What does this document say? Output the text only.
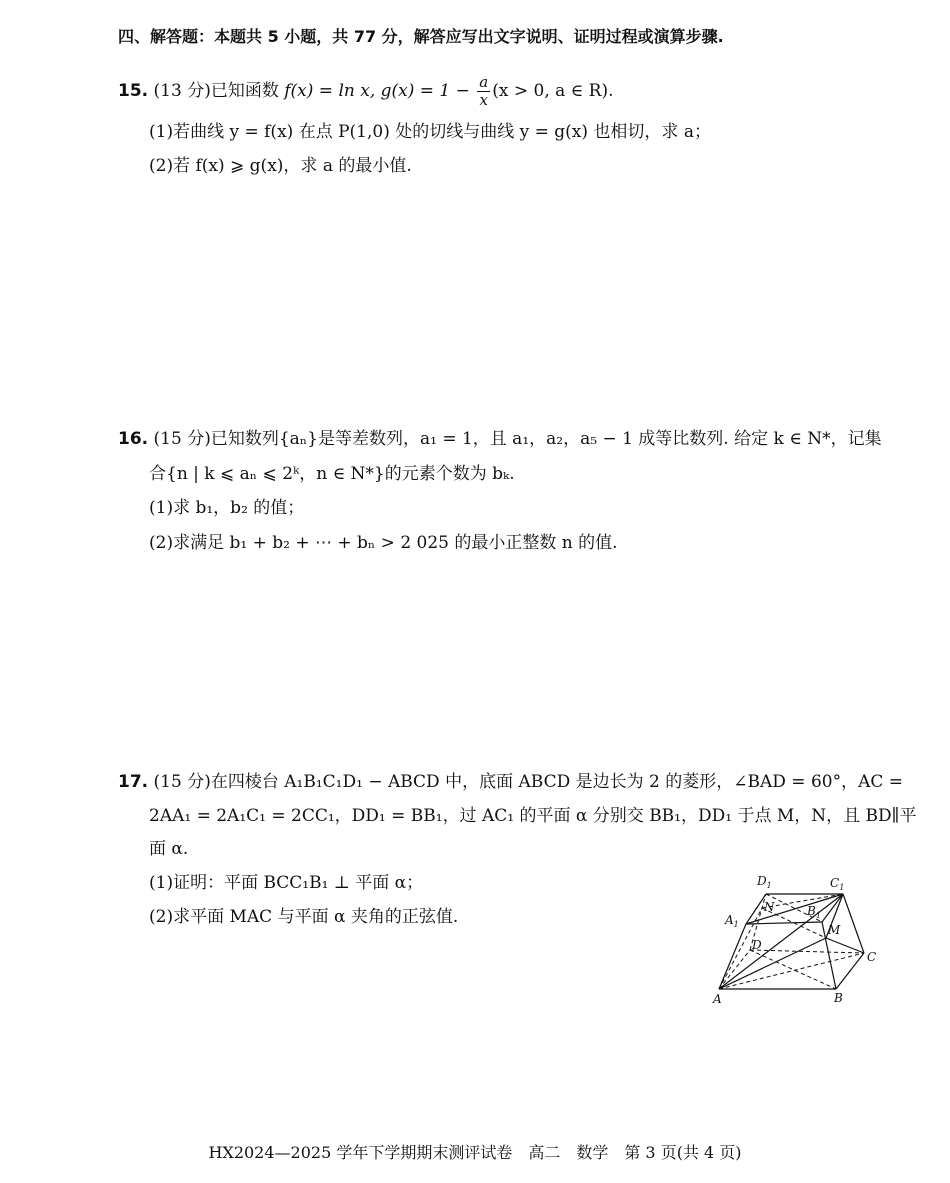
四、解答题：本题共 5 小题，共 77 分，解答应写出文字说明、证明过程或演算步骤.
15. (13 分)已知函数 f(x) = ln x, $g(x) = 1 - \frac{a}{x} (x > 0$, a ∈ R).
(1)若曲线 y = f(x) 在点 P(1,0) 处的切线与曲线 y = g(x) 也相切，求 a；
(2)若 f(x) ⩾ g(x)，求 a 的最小值.
16. (15 分)已知数列{aₙ}是等差数列，a₁ = 1，且 a₁，a₂，a₅ − 1 成等比数列. 给定 k ∈ N*，记集
合{n | k ⩽ aₙ ⩽ 2ᵏ，n ∈ N*}的元素个数为 bₖ.
(1)求 b₁，b₂ 的值；
(2)求满足 b₁ + b₂ + ⋯ + bₙ > 2 025 的最小正整数 n 的值.
17. (15 分)在四棱台 A₁B₁C₁D₁ − ABCD 中，底面 ABCD 是边长为 2 的菱形，∠BAD = 60°，AC =
2AA₁ = 2A₁C₁ = 2CC₁，DD₁ = BB₁，过 AC₁ 的平面 α 分别交 BB₁，DD₁ 于点 M，N，且 BD∥平
面 α.
(1)证明：平面 BCC₁B₁ ⊥ 平面 α；
(2)求平面 MAC 与平面 α 夹角的正弦值.
$D_1$	$C_1$
$A_1$
$B_1$
N
M
D
C
A	B
HX2024—2025 学年下学期期末测评试卷　高二　数学　第 3 页(共 4 页)
